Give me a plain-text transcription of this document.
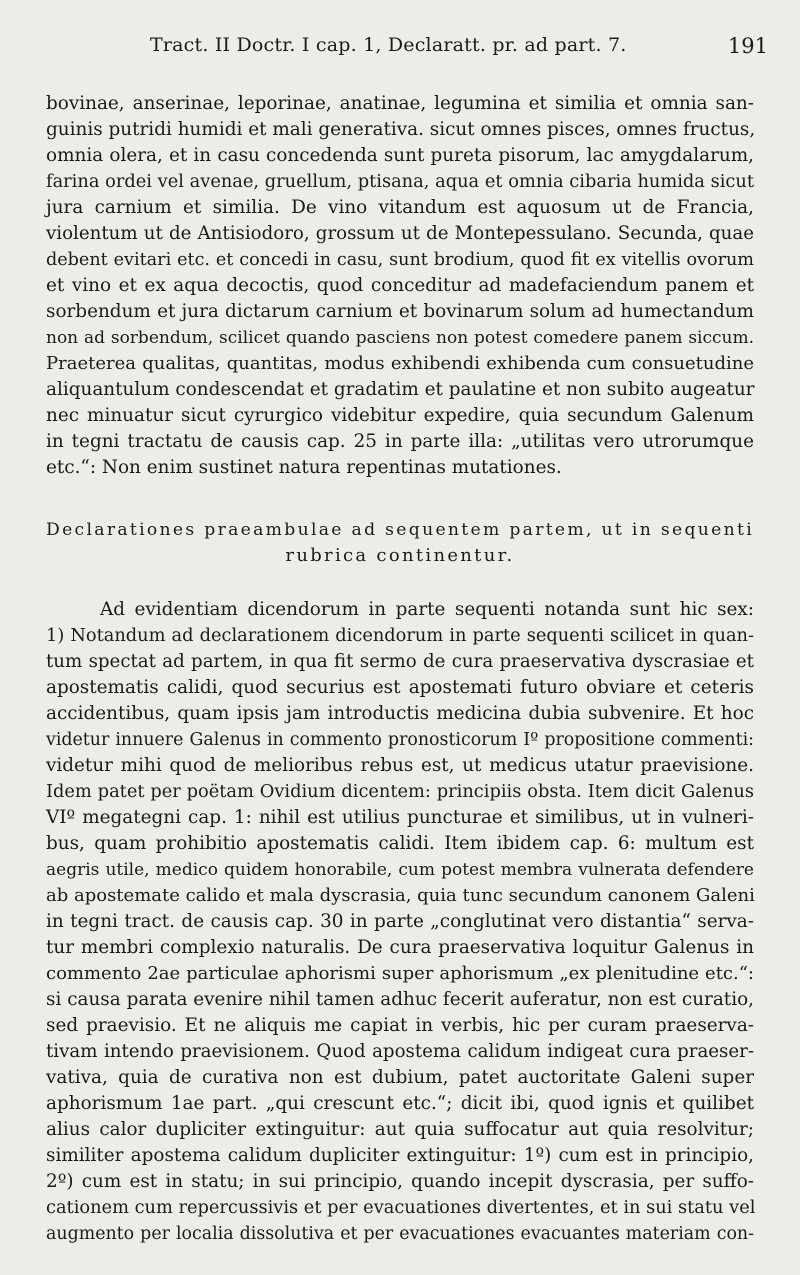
Tract. II Doctr. I cap. 1, Declaratt. pr. ad part. 7.	191
bovinae, anserinae, leporinae, anatinae, legumina et similia et omnia san-
guinis putridi humidi et mali generativa. sicut omnes pisces, omnes fructus,
omnia olera, et in casu concedenda sunt pureta pisorum, lac amygdalarum,
farina ordei vel avenae, gruellum, ptisana, aqua et omnia cibaria humida sicut
jura carnium et similia. De vino vitandum est aquosum ut de Francia,
violentum ut de Antisiodoro, grossum ut de Montepessulano. Secunda, quae
debent evitari etc. et concedi in casu, sunt brodium, quod fit ex vitellis ovorum
et vino et ex aqua decoctis, quod conceditur ad madefaciendum panem et
sorbendum et jura dictarum carnium et bovinarum solum ad humectandum
non ad sorbendum, scilicet quando pasciens non potest comedere panem siccum.
Praeterea qualitas, quantitas, modus exhibendi exhibenda cum consuetudine
aliquantulum condescendat et gradatim et paulatine et non subito augeatur
nec minuatur sicut cyrurgico videbitur expedire, quia secundum Galenum
in tegni tractatu de causis cap. 25 in parte illa: „utilitas vero utrorumque
etc.“: Non enim sustinet natura repentinas mutationes.
Declarationes praeambulae ad sequentem partem, ut in sequenti
rubrica continentur.
Ad evidentiam dicendorum in parte sequenti notanda sunt hic sex:
1) Notandum ad declarationem dicendorum in parte sequenti scilicet in quan-
tum spectat ad partem, in qua fit sermo de cura praeservativa dyscrasiae et
apostematis calidi, quod securius est apostemati futuro obviare et ceteris
accidentibus, quam ipsis jam introductis medicina dubia subvenire. Et hoc
videtur innuere Galenus in commento pronosticorum Iº propositione commenti:
videtur mihi quod de melioribus rebus est, ut medicus utatur praevisione.
Idem patet per poëtam Ovidium dicentem: principiis obsta. Item dicit Galenus
VIº megategni cap. 1: nihil est utilius puncturae et similibus, ut in vulneri-
bus, quam prohibitio apostematis calidi. Item ibidem cap. 6: multum est
aegris utile, medico quidem honorabile, cum potest membra vulnerata defendere
ab apostemate calido et mala dyscrasia, quia tunc secundum canonem Galeni
in tegni tract. de causis cap. 30 in parte „conglutinat vero distantia“ serva-
tur membri complexio naturalis. De cura praeservativa loquitur Galenus in
commento 2ae particulae aphorismi super aphorismum „ex plenitudine etc.“:
si causa parata evenire nihil tamen adhuc fecerit auferatur, non est curatio,
sed praevisio. Et ne aliquis me capiat in verbis, hic per curam praeserva-
tivam intendo praevisionem. Quod apostema calidum indigeat cura praeser-
vativa, quia de curativa non est dubium, patet auctoritate Galeni super
aphorismum 1ae part. „qui crescunt etc.“; dicit ibi, quod ignis et quilibet
alius calor dupliciter extinguitur: aut quia suffocatur aut quia resolvitur;
similiter apostema calidum dupliciter extinguitur: 1º) cum est in principio,
2º) cum est in statu; in sui principio, quando incepit dyscrasia, per suffo-
cationem cum repercussivis et per evacuationes divertentes, et in sui statu vel
augmento per localia dissolutiva et per evacuationes evacuantes materiam con-
